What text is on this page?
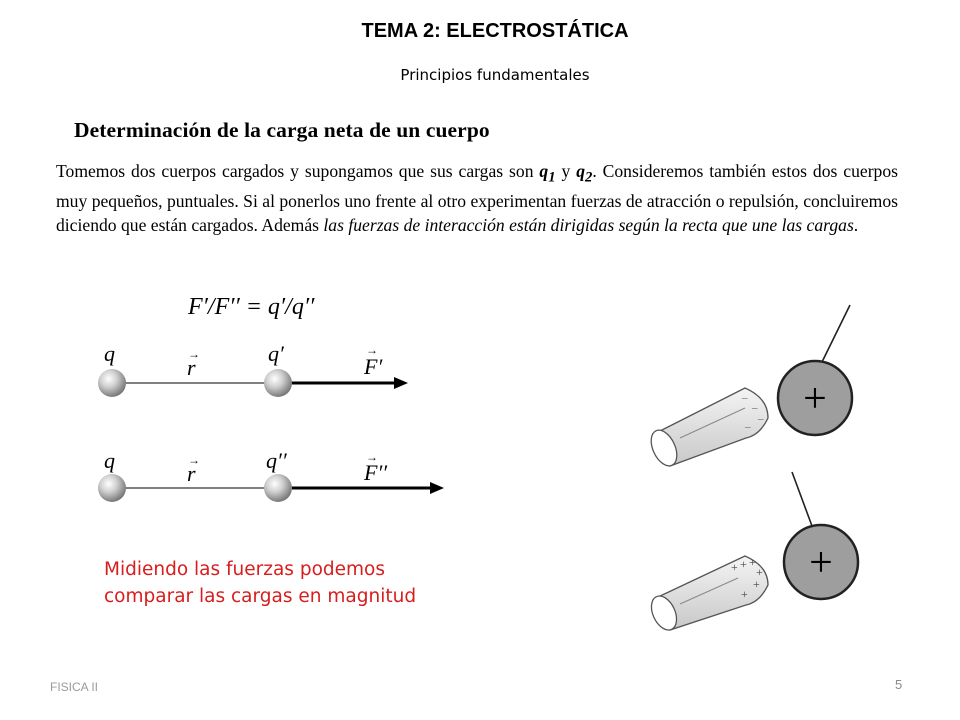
TEMA 2: ELECTROSTÁTICA
Principios fundamentales
Determinación de la carga neta de un cuerpo
Tomemos dos cuerpos cargados y supongamos que sus cargas son $q_1$ y $q_2$. Consideremos también estos dos cuerpos muy pequeños, puntuales. Si al ponerlos uno frente al otro experimentan fuerzas de atracción o repulsión, concluiremos diciendo que están cargados. Además las fuerzas de interacción están dirigidas según la recta que une las cargas.
F′/F′′ = q′/q′′
q	→
r
q′	→
F′
q	→
r
q′′	→
F′′
+
–
–
–
–
+
+ + +
+
+
+
Midiendo las fuerzas podemos
comparar las cargas en magnitud
FISICA II	5
